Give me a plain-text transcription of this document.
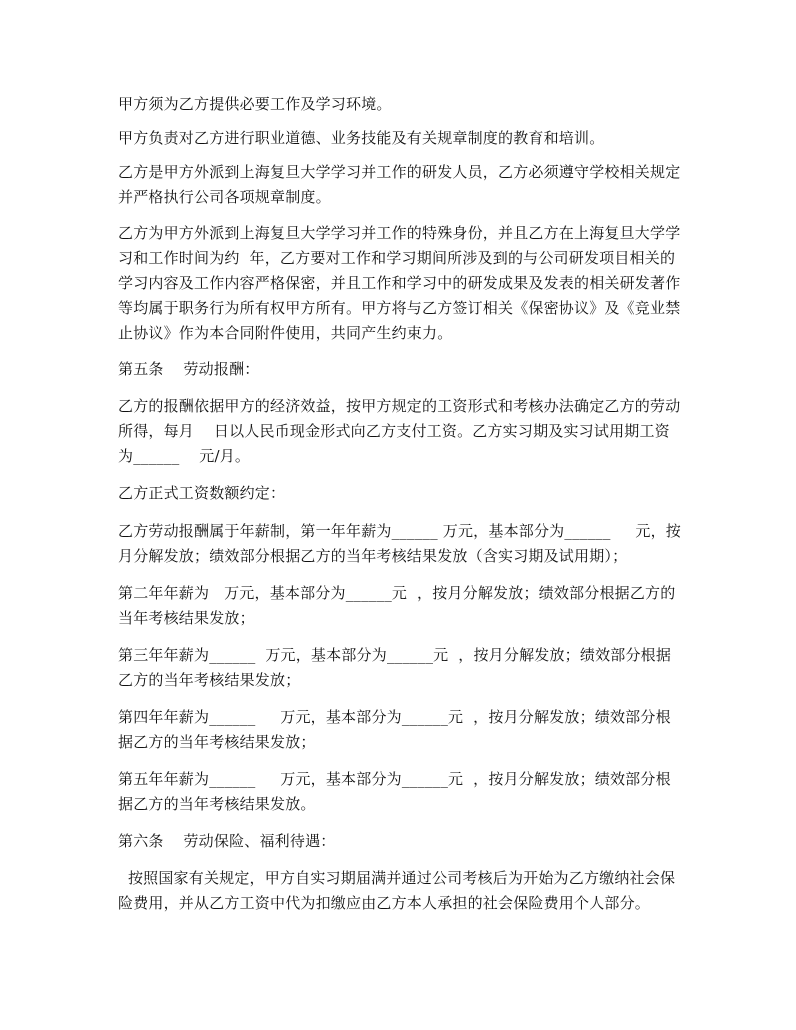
甲方须为乙方提供必要工作及学习环境。

甲方负责对乙方进行职业道德、业务技能及有关规章制度的教育和培训。

乙方是甲方外派到上海复旦大学学习并工作的研发人员，乙方必须遵守学校相关规定并严格执行公司各项规章制度。

乙方为甲方外派到上海复旦大学学习并工作的特殊身份，并且乙方在上海复旦大学学习和工作时间为约  年，乙方要对工作和学习期间所涉及到的与公司研发项目相关的学习内容及工作内容严格保密，并且工作和学习中的研发成果及发表的相关研发著作等均属于职务行为所有权甲方所有。甲方将与乙方签订相关《保密协议》及《竞业禁止协议》作为本合同附件使用，共同产生约束力。

第五条    劳动报酬：

乙方的报酬依据甲方的经济效益，按甲方规定的工资形式和考核办法确定乙方的劳动所得，每月    日以人民币现金形式向乙方支付工资。乙方实习期及实习试用期工资为______    元/月。

乙方正式工资数额约定：

乙方劳动报酬属于年薪制，第一年年薪为______ 万元，基本部分为______     元，按月分解发放；绩效部分根据乙方的当年考核结果发放（含实习期及试用期）；

第二年年薪为   万元，基本部分为______元  ，按月分解发放；绩效部分根据乙方的当年考核结果发放；

第三年年薪为______  万元，基本部分为______元  ，按月分解发放；绩效部分根据乙方的当年考核结果发放；

第四年年薪为______     万元，基本部分为______元  ，按月分解发放；绩效部分根据乙方的当年考核结果发放；

第五年年薪为______     万元，基本部分为______元  ，按月分解发放；绩效部分根据乙方的当年考核结果发放。

第六条    劳动保险、福利待遇：

按照国家有关规定，甲方自实习期届满并通过公司考核后为开始为乙方缴纳社会保险费用，并从乙方工资中代为扣缴应由乙方本人承担的社会保险费用个人部分。
